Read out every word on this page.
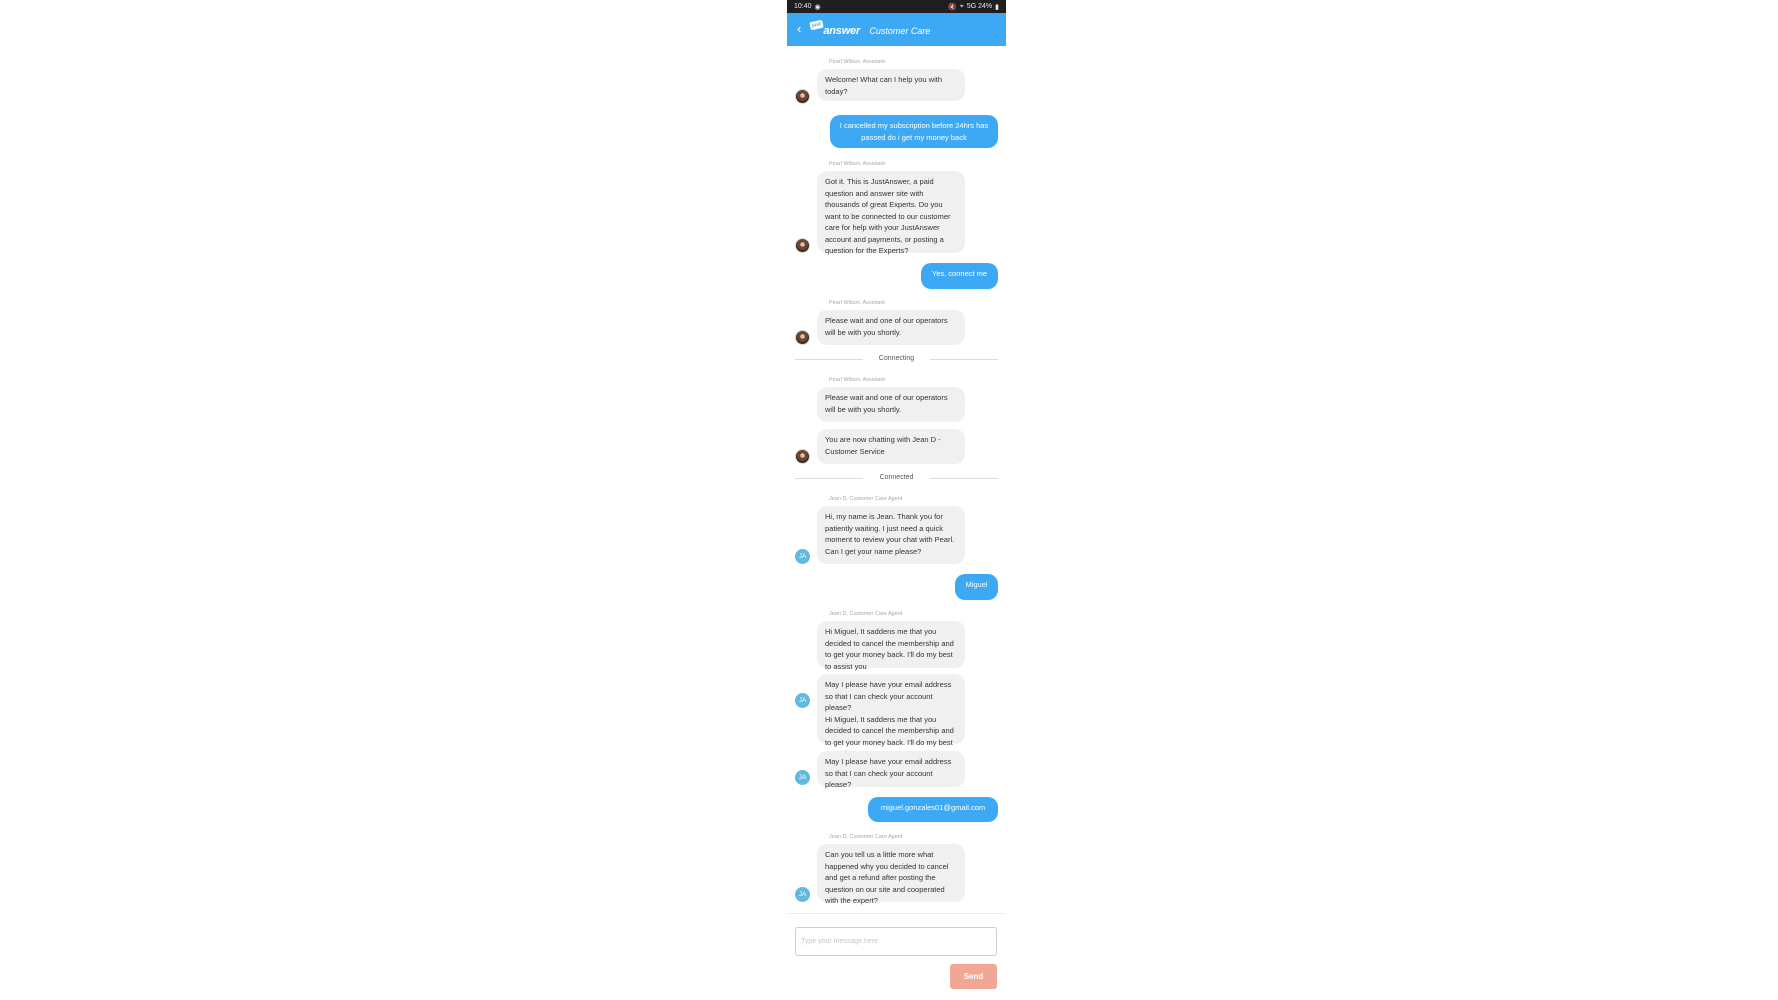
10:40 ◉	🔇 ⌖ 5G 24% ▮
‹	just answer Customer Care
Pearl Wilson, Assistant
Welcome! What can I help you with today?
I cancelled my subscription before 24hrs has passed do i get my money back
Pearl Wilson, Assistant
Got it. This is JustAnswer, a paid question and answer site with thousands of great Experts. Do you want to be connected to our customer care for help with your JustAnswer account and payments, or posting a question for the Experts?
Yes, connect me
Pearl Wilson, Assistant
Please wait and one of our operators will be with you shortly.
Connecting
Pearl Wilson, Assistant
Please wait and one of our operators will be with you shortly.
You are now chatting with Jean D - Customer Service
Connected
Jean D, Customer Care Agent
Hi, my name is Jean. Thank you for patiently waiting. I just need a quick moment to review your chat with Pearl. Can I get your name please?
JA
Miguel
Jean D, Customer Care Agent
Hi Miguel, It saddens me that you decided to cancel the membership and to get your money back. I'll do my best to assist you
May I please have your email address so that I can check your account please?
Hi Miguel, It saddens me that you decided to cancel the membership and to get your money back. I'll do my best
JA
May I please have your email address so that I can check your account please?
JA
miguel.gonzales01@gmail.com
Jean D, Customer Care Agent
Can you tell us a little more what happened why you decided to cancel and get a refund after posting the question on our site and cooperated with the expert?
JA
Type your message here
Send
